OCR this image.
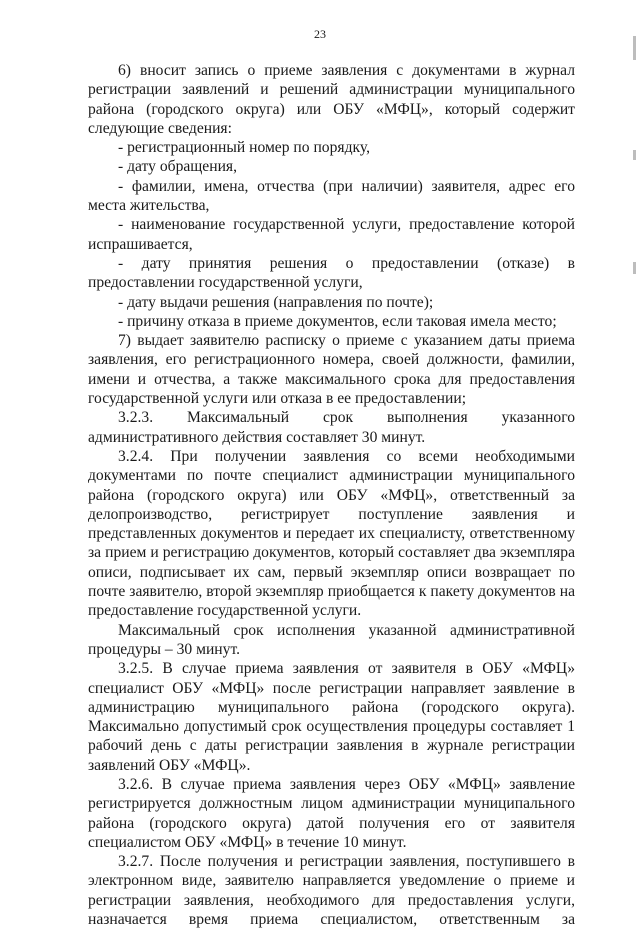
23

6) вносит запись о приеме заявления с документами в журнал регистрации заявлений и решений администрации муниципального района (городского округа) или ОБУ «МФЦ», который содержит следующие сведения:

- регистрационный номер по порядку,

- дату обращения,

- фамилии, имена, отчества (при наличии) заявителя, адрес его места жительства,

- наименование государственной услуги, предоставление которой испрашивается,

- дату принятия решения о предоставлении (отказе) в предоставлении государственной услуги,

- дату выдачи решения (направления по почте);

- причину отказа в приеме документов, если таковая имела место;

7) выдает заявителю расписку о приеме с указанием даты приема заявления, его регистрационного номера, своей должности, фамилии, имени и отчества, а также максимального срока для предоставления государственной услуги или отказа в ее предоставлении;

3.2.3. Максимальный срок выполнения указанного административного действия составляет 30 минут.

3.2.4. При получении заявления со всеми необходимыми документами по почте специалист администрации муниципального района (городского округа) или ОБУ «МФЦ», ответственный за делопроизводство, регистрирует поступление заявления и представленных документов и передает их специалисту, ответственному за прием и регистрацию документов, который составляет два экземпляра описи, подписывает их сам, первый экземпляр описи возвращает по почте заявителю, второй экземпляр приобщается к пакету документов на предоставление государственной услуги.

Максимальный срок исполнения указанной административной процедуры – 30 минут.

3.2.5. В случае приема заявления от заявителя в ОБУ «МФЦ» специалист ОБУ «МФЦ» после регистрации направляет заявление в администрацию муниципального района (городского округа). Максимально допустимый срок осуществления процедуры составляет 1 рабочий день с даты регистрации заявления в журнале регистрации заявлений ОБУ «МФЦ».

3.2.6. В случае приема заявления через ОБУ «МФЦ» заявление регистрируется должностным лицом администрации муниципального района (городского округа) датой получения его от заявителя специалистом ОБУ «МФЦ» в течение 10 минут.

3.2.7. После получения и регистрации заявления, поступившего в электронном виде, заявителю направляется уведомление о приеме и регистрации заявления, необходимого для предоставления услуги, назначается время приема специалистом, ответственным за
